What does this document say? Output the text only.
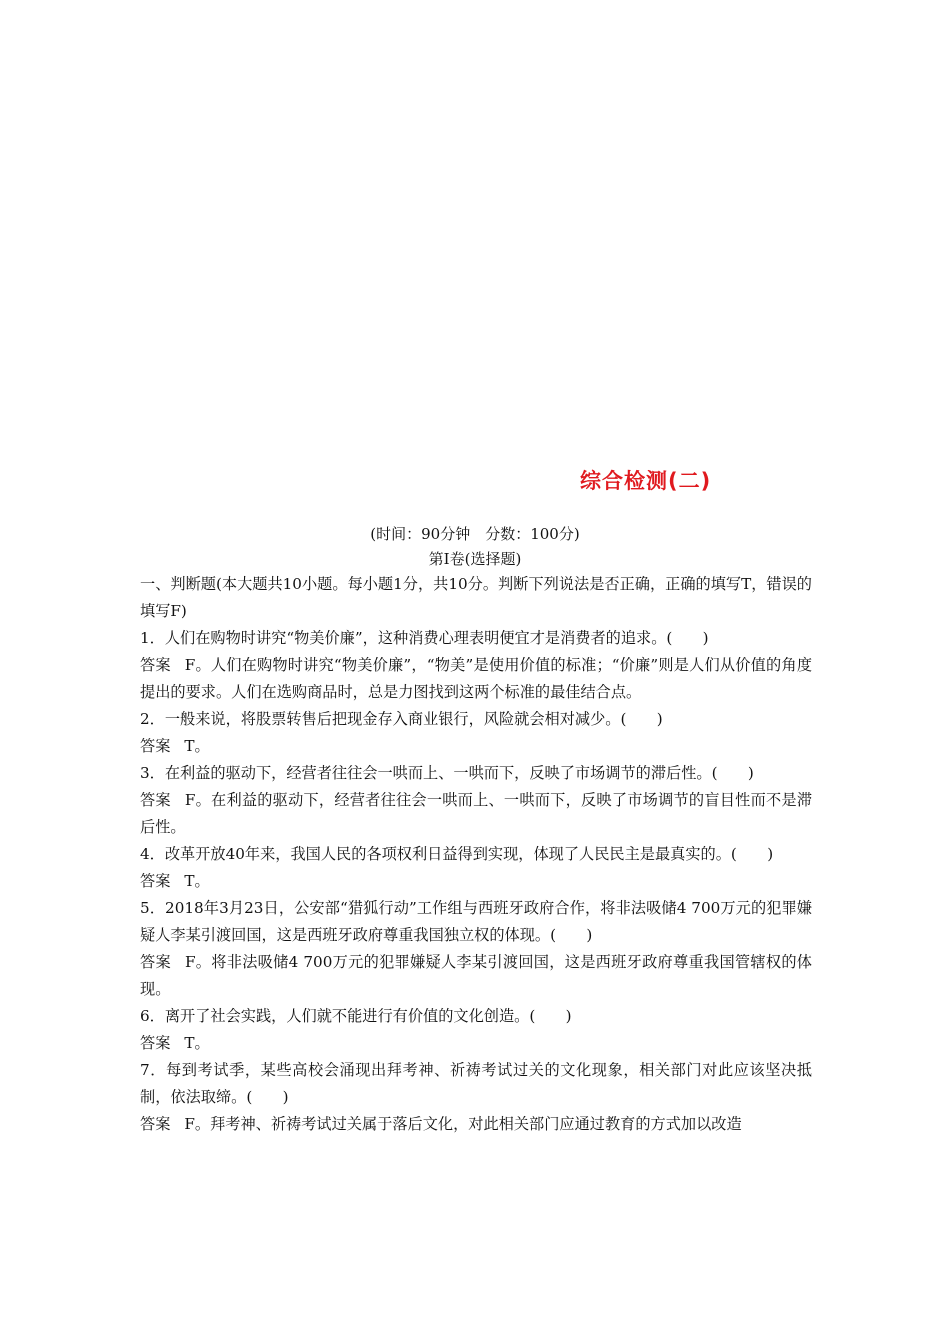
综合检测(二)
(时间：90分钟　分数：100分)
第Ⅰ卷(选择题)

一、判断题(本大题共10小题。每小题1分，共10分。判断下列说法是否正确，正确的填写T，错误的填写F)

1．人们在购物时讲究“物美价廉”，这种消费心理表明便宜才是消费者的追求。(　　)

答案 F。人们在购物时讲究“物美价廉”，“物美”是使用价值的标准；“价廉”则是人们从价值的角度提出的要求。人们在选购商品时，总是力图找到这两个标准的最佳结合点。

2．一般来说，将股票转售后把现金存入商业银行，风险就会相对减少。(　　)

答案 T。

3．在利益的驱动下，经营者往往会一哄而上、一哄而下，反映了市场调节的滞后性。(　　)

答案 F。在利益的驱动下，经营者往往会一哄而上、一哄而下，反映了市场调节的盲目性而不是滞后性。

4．改革开放40年来，我国人民的各项权利日益得到实现，体现了人民民主是最真实的。(　　)

答案 T。

5．2018年3月23日，公安部“猎狐行动”工作组与西班牙政府合作，将非法吸储4 700万元的犯罪嫌疑人李某引渡回国，这是西班牙政府尊重我国独立权的体现。(　　)

答案 F。将非法吸储4 700万元的犯罪嫌疑人李某引渡回国，这是西班牙政府尊重我国管辖权的体现。

6．离开了社会实践，人们就不能进行有价值的文化创造。(　　)

答案 T。

7．每到考试季，某些高校会涌现出拜考神、祈祷考试过关的文化现象，相关部门对此应该坚决抵制，依法取缔。(　　)

答案 F。拜考神、祈祷考试过关属于落后文化，对此相关部门应通过教育的方式加以改造
